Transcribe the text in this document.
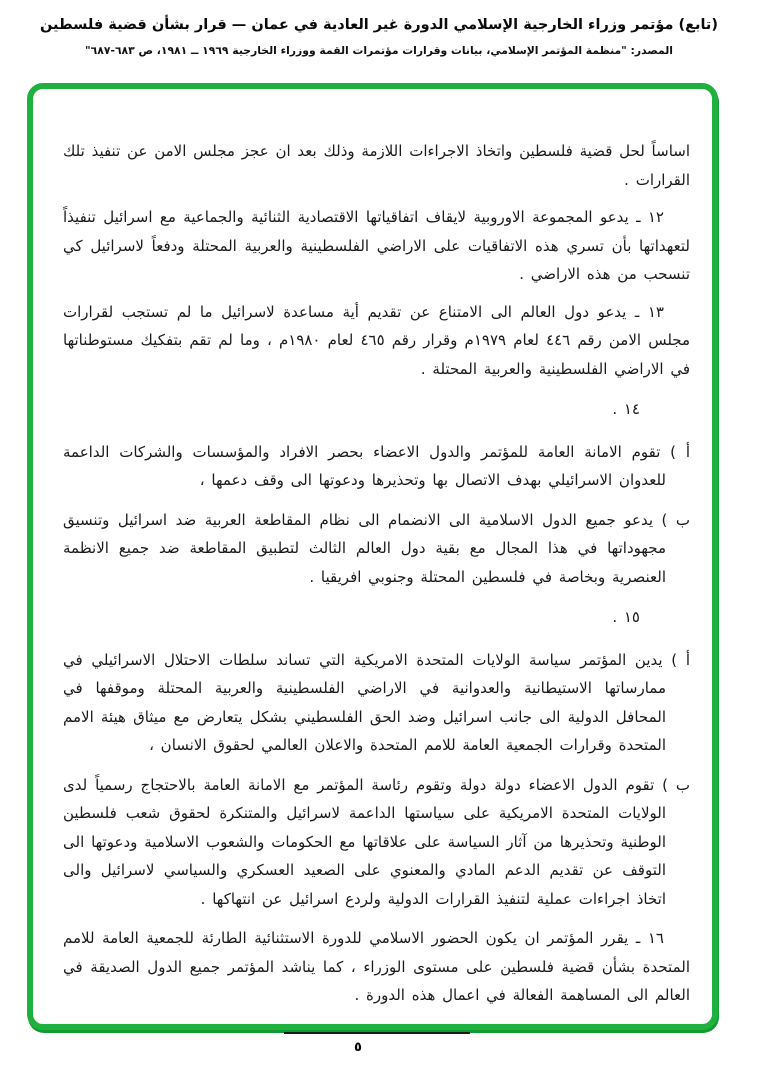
(تابع) مؤتمر وزراء الخارجية الإسلامي الدورة غير العادية في عمان — قرار بشأن قضية فلسطين
المصدر: "منظمة المؤتمر الإسلامي، بيانات وقرارات مؤتمرات القمة ووزراء الخارجية ١٩٦٩ ــ ١٩٨١، ص ٦٨٣-٦٨٧"

اساساً لحل قضية فلسطين واتخاذ الاجراءات اللازمة وذلك بعد ان عجز مجلس الامن عن تنفيذ تلك القرارات .

١٢ ـ يدعو المجموعة الاوروبية لايقاف اتفاقياتها الاقتصادية الثنائية والجماعية مع اسرائيل تنفيذاً لتعهداتها بأن تسري هذه الاتفاقيات على الاراضي الفلسطينية والعربية المحتلة ودفعاً لاسرائيل كي تنسحب من هذه الاراضي .

١٣ ـ يدعو دول العالم الى الامتناع عن تقديم أية مساعدة لاسرائيل ما لم تستجب لقرارات مجلس الامن رقم ٤٤٦ لعام ١٩٧٩م وقرار رقم ٤٦٥ لعام ١٩٨٠م ، وما لم تقم بتفكيك مستوطناتها في الاراضي الفلسطينية والعربية المحتلة .

١٤ .

أ ) تقوم الامانة العامة للمؤتمر والدول الاعضاء بحصر الافراد والمؤسسات والشركات الداعمة للعدوان الاسرائيلي بهدف الاتصال بها وتحذيرها ودعوتها الى وقف دعمها ،

ب ) يدعو جميع الدول الاسلامية الى الانضمام الى نظام المقاطعة العربية ضد اسرائيل وتنسيق مجهوداتها في هذا المجال مع بقية دول العالم الثالث لتطبيق المقاطعة ضد جميع الانظمة العنصرية وبخاصة في فلسطين المحتلة وجنوبي افريقيا .

١٥ .

أ ) يدين المؤتمر سياسة الولايات المتحدة الامريكية التي تساند سلطات الاحتلال الاسرائيلي في ممارساتها الاستيطانية والعدوانية في الاراضي الفلسطينية والعربية المحتلة وموقفها في المحافل الدولية الى جانب اسرائيل وضد الحق الفلسطيني بشكل يتعارض مع ميثاق هيئة الامم المتحدة وقرارات الجمعية العامة للامم المتحدة والاعلان العالمي لحقوق الانسان ،

ب ) تقوم الدول الاعضاء دولة دولة وتقوم رئاسة المؤتمر مع الامانة العامة بالاحتجاج رسمياً لدى الولايات المتحدة الامريكية على سياستها الداعمة لاسرائيل والمتنكرة لحقوق شعب فلسطين الوطنية وتحذيرها من آثار السياسة على علاقاتها مع الحكومات والشعوب الاسلامية ودعوتها الى التوقف عن تقديم الدعم المادي والمعنوي على الصعيد العسكري والسياسي لاسرائيل والى اتخاذ اجراءات عملية لتنفيذ القرارات الدولية ولردع اسرائيل عن انتهاكها .

١٦ ـ يقرر المؤتمر ان يكون الحضور الاسلامي للدورة الاستثنائية الطارئة للجمعية العامة للامم المتحدة بشأن قضية فلسطين على مستوى الوزراء ، كما يناشد المؤتمر جميع الدول الصديقة في العالم الى المساهمة الفعالة في اعمال هذه الدورة .

٥
